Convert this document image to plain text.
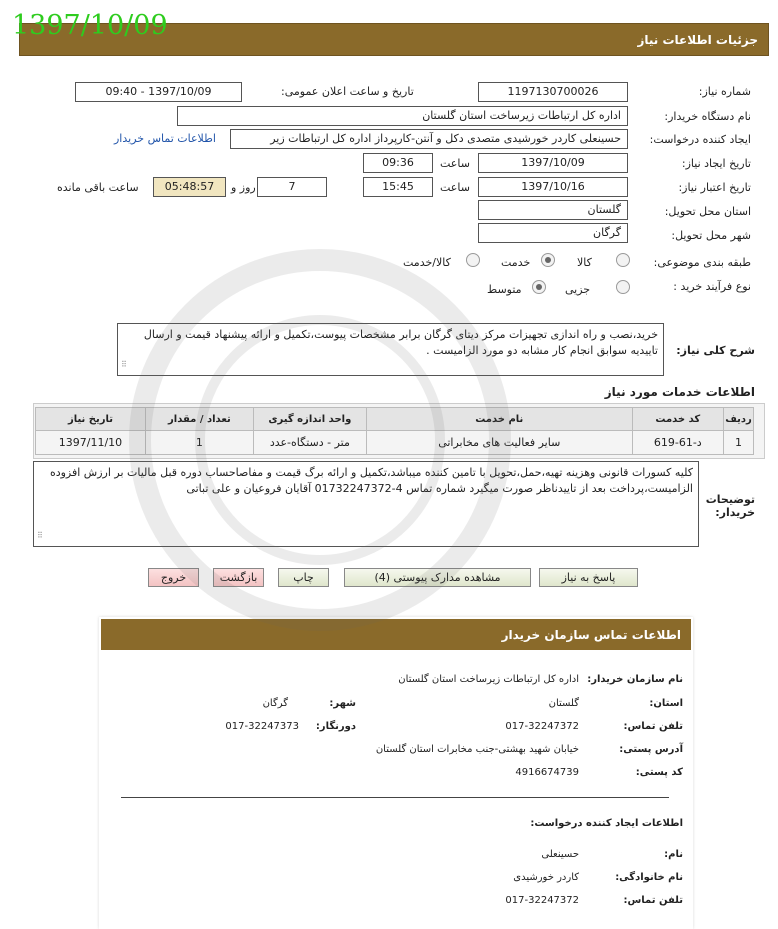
1397/10/09	جزئيات اطلاعات نياز
شماره نیاز:
1197130700026
تاریخ و ساعت اعلان عمومی:
1397/10/09 - 09:40
نام دستگاه خریدار:
اداره کل ارتباطات زیرساخت استان گلستان
ایجاد کننده درخواست:
حسینعلی کاردر خورشیدی متصدی دکل و آنتن-کارپرداز اداره کل ارتباطات زیر
اطلاعات تماس خریدار
تاریخ ایجاد نیاز:
1397/10/09
ساعت
09:36
تاریخ اعتبار نیاز:
1397/10/16
ساعت
15:45
7
روز و
05:48:57
ساعت باقی مانده
استان محل تحویل:
گلستان
شهر محل تحویل:
گرگان
طبقه بندی موضوعی:
کالا
خدمت
کالا/خدمت
نوع فرآیند خرید :
جزیی
متوسط
شرح کلی نیاز:
خرید،نصب و راه اندازی تجهیزات مرکز دیتای گرگان برابر مشخصات پیوست،تکمیل و ارائه پیشنهاد قیمت و ارسال تاییدیه سوابق انجام کار مشابه دو مورد الزامیست .
⠿
اطلاعات خدمات مورد نیاز
ردیف	کد خدمت	نام خدمت	واحد اندازه گیری	تعداد / مقدار	تاریخ نیاز
1	د-61-619	سایر فعالیت های مخابراتی	متر - دستگاه-عدد	1	1397/11/10
توضیحات خریدار:
کلیه کسورات قانونی وهزینه تهیه،حمل،تحویل با تامین کننده میباشد،تکمیل و ارائه برگ قیمت و مفاصاحساب دوره قبل مالیات بر ارزش افزوده الزامیست،پرداخت بعد از تاییدناظر صورت میگیرد شماره تماس 4-01732247372 آقایان فروعیان و علی تباتی
⠿
پاسخ به نیاز
مشاهده مدارک پیوستی (4)
چاپ
بازگشت
خروج
اطلاعات تماس سازمان خریدار
نام سازمان خریدار:
اداره کل ارتباطات زیرساخت استان گلستان
استان:
گلستان
شهر:
گرگان
تلفن تماس:
017-32247372
دورنگار:
017-32247373
آدرس پستی:
خیابان شهید بهشتی-جنب مخابرات استان گلستان
کد پستی:
4916674739
اطلاعات ایجاد کننده درخواست:
نام:
حسینعلی
نام خانوادگی:
کاردر خورشیدی
تلفن تماس:
017-32247372
